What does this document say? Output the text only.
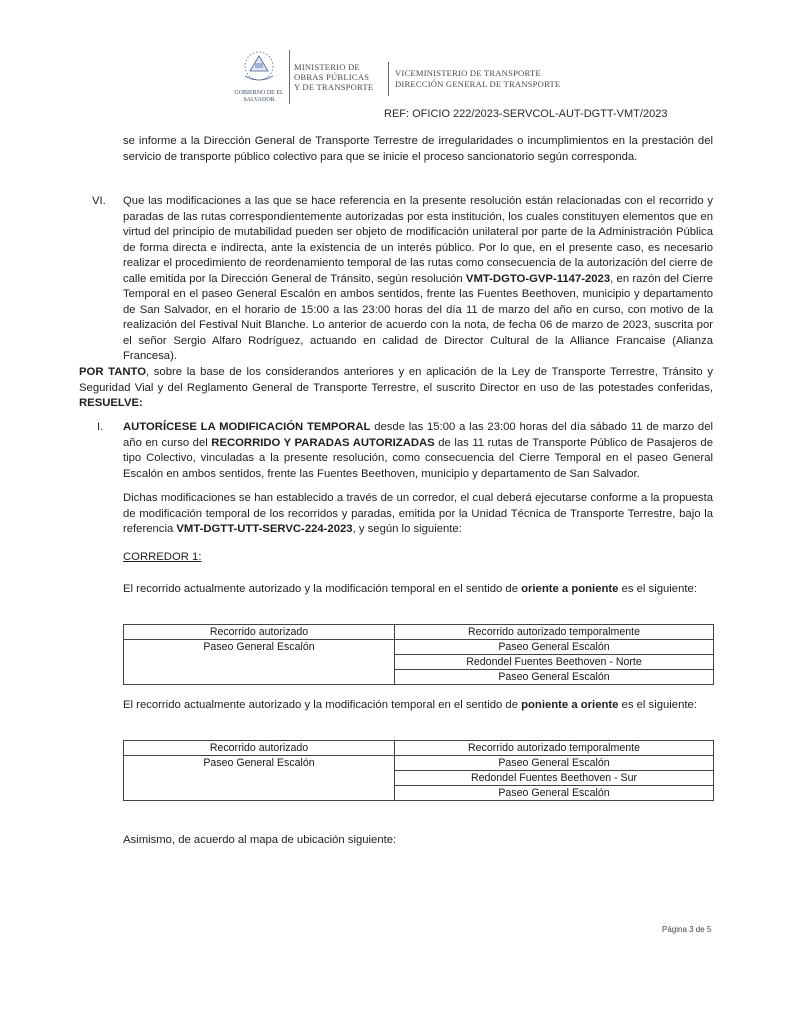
GOBIERNO DE EL SALVADOR
MINISTERIO DE
OBRAS PÚBLICAS
Y DE TRANSPORTE
VICEMINISTERIO DE TRANSPORTE
DIRECCIÓN GENERAL DE TRANSPORTE
REF: OFICIO 222/2023-SERVCOL-AUT-DGTT-VMT/2023
se informe a la Dirección General de Transporte Terrestre de irregularidades o incumplimientos en la prestación del servicio de transporte público colectivo para que se inicie el proceso sancionatorio según corresponda.
VI. Que las modificaciones a las que se hace referencia en la presente resolución están relacionadas con el recorrido y paradas de las rutas correspondientemente autorizadas por esta institución, los cuales constituyen elementos que en virtud del principio de mutabilidad pueden ser objeto de modificación unilateral por parte de la Administración Pública de forma directa e indirecta, ante la existencia de un interés público. Por lo que, en el presente caso, es necesario realizar el procedimiento de reordenamiento temporal de las rutas como consecuencia de la autorización del cierre de calle emitida por la Dirección General de Tránsito, según resolución VMT-DGTO-GVP-1147-2023, en razón del Cierre Temporal en el paseo General Escalón en ambos sentidos, frente las Fuentes Beethoven, municipio y departamento de San Salvador, en el horario de 15:00 a las 23:00 horas del día 11 de marzo del año en curso, con motivo de la realización del Festival Nuit Blanche. Lo anterior de acuerdo con la nota, de fecha 06 de marzo de 2023, suscrita por el señor Sergio Alfaro Rodríguez, actuando en calidad de Director Cultural de la Alliance Francaise (Alianza Francesa).
POR TANTO, sobre la base de los considerandos anteriores y en aplicación de la Ley de Transporte Terrestre, Tránsito y Seguridad Vial y del Reglamento General de Transporte Terrestre, el suscrito Director en uso de las potestades conferidas, RESUELVE:
I. AUTORÍCESE LA MODIFICACIÓN TEMPORAL desde las 15:00 a las 23:00 horas del día sábado 11 de marzo del año en curso del RECORRIDO Y PARADAS AUTORIZADAS de las 11 rutas de Transporte Público de Pasajeros de tipo Colectivo, vinculadas a la presente resolución, como consecuencia del Cierre Temporal en el paseo General Escalón en ambos sentidos, frente las Fuentes Beethoven, municipio y departamento de San Salvador.
Dichas modificaciones se han establecido a través de un corredor, el cual deberá ejecutarse conforme a la propuesta de modificación temporal de los recorridos y paradas, emitida por la Unidad Técnica de Transporte Terrestre, bajo la referencia VMT-DGTT-UTT-SERVC-224-2023, y según lo siguiente:
CORREDOR 1:
El recorrido actualmente autorizado y la modificación temporal en el sentido de oriente a poniente es el siguiente:
Recorrido autorizado	Recorrido autorizado temporalmente
Paseo General Escalón	Paseo General Escalón
	Redondel Fuentes Beethoven - Norte
	Paseo General Escalón
El recorrido actualmente autorizado y la modificación temporal en el sentido de poniente a oriente es el siguiente:
Recorrido autorizado	Recorrido autorizado temporalmente
Paseo General Escalón	Paseo General Escalón
	Redondel Fuentes Beethoven - Sur
	Paseo General Escalón
Asimismo, de acuerdo al mapa de ubicación siguiente:
Página 3 de 5
